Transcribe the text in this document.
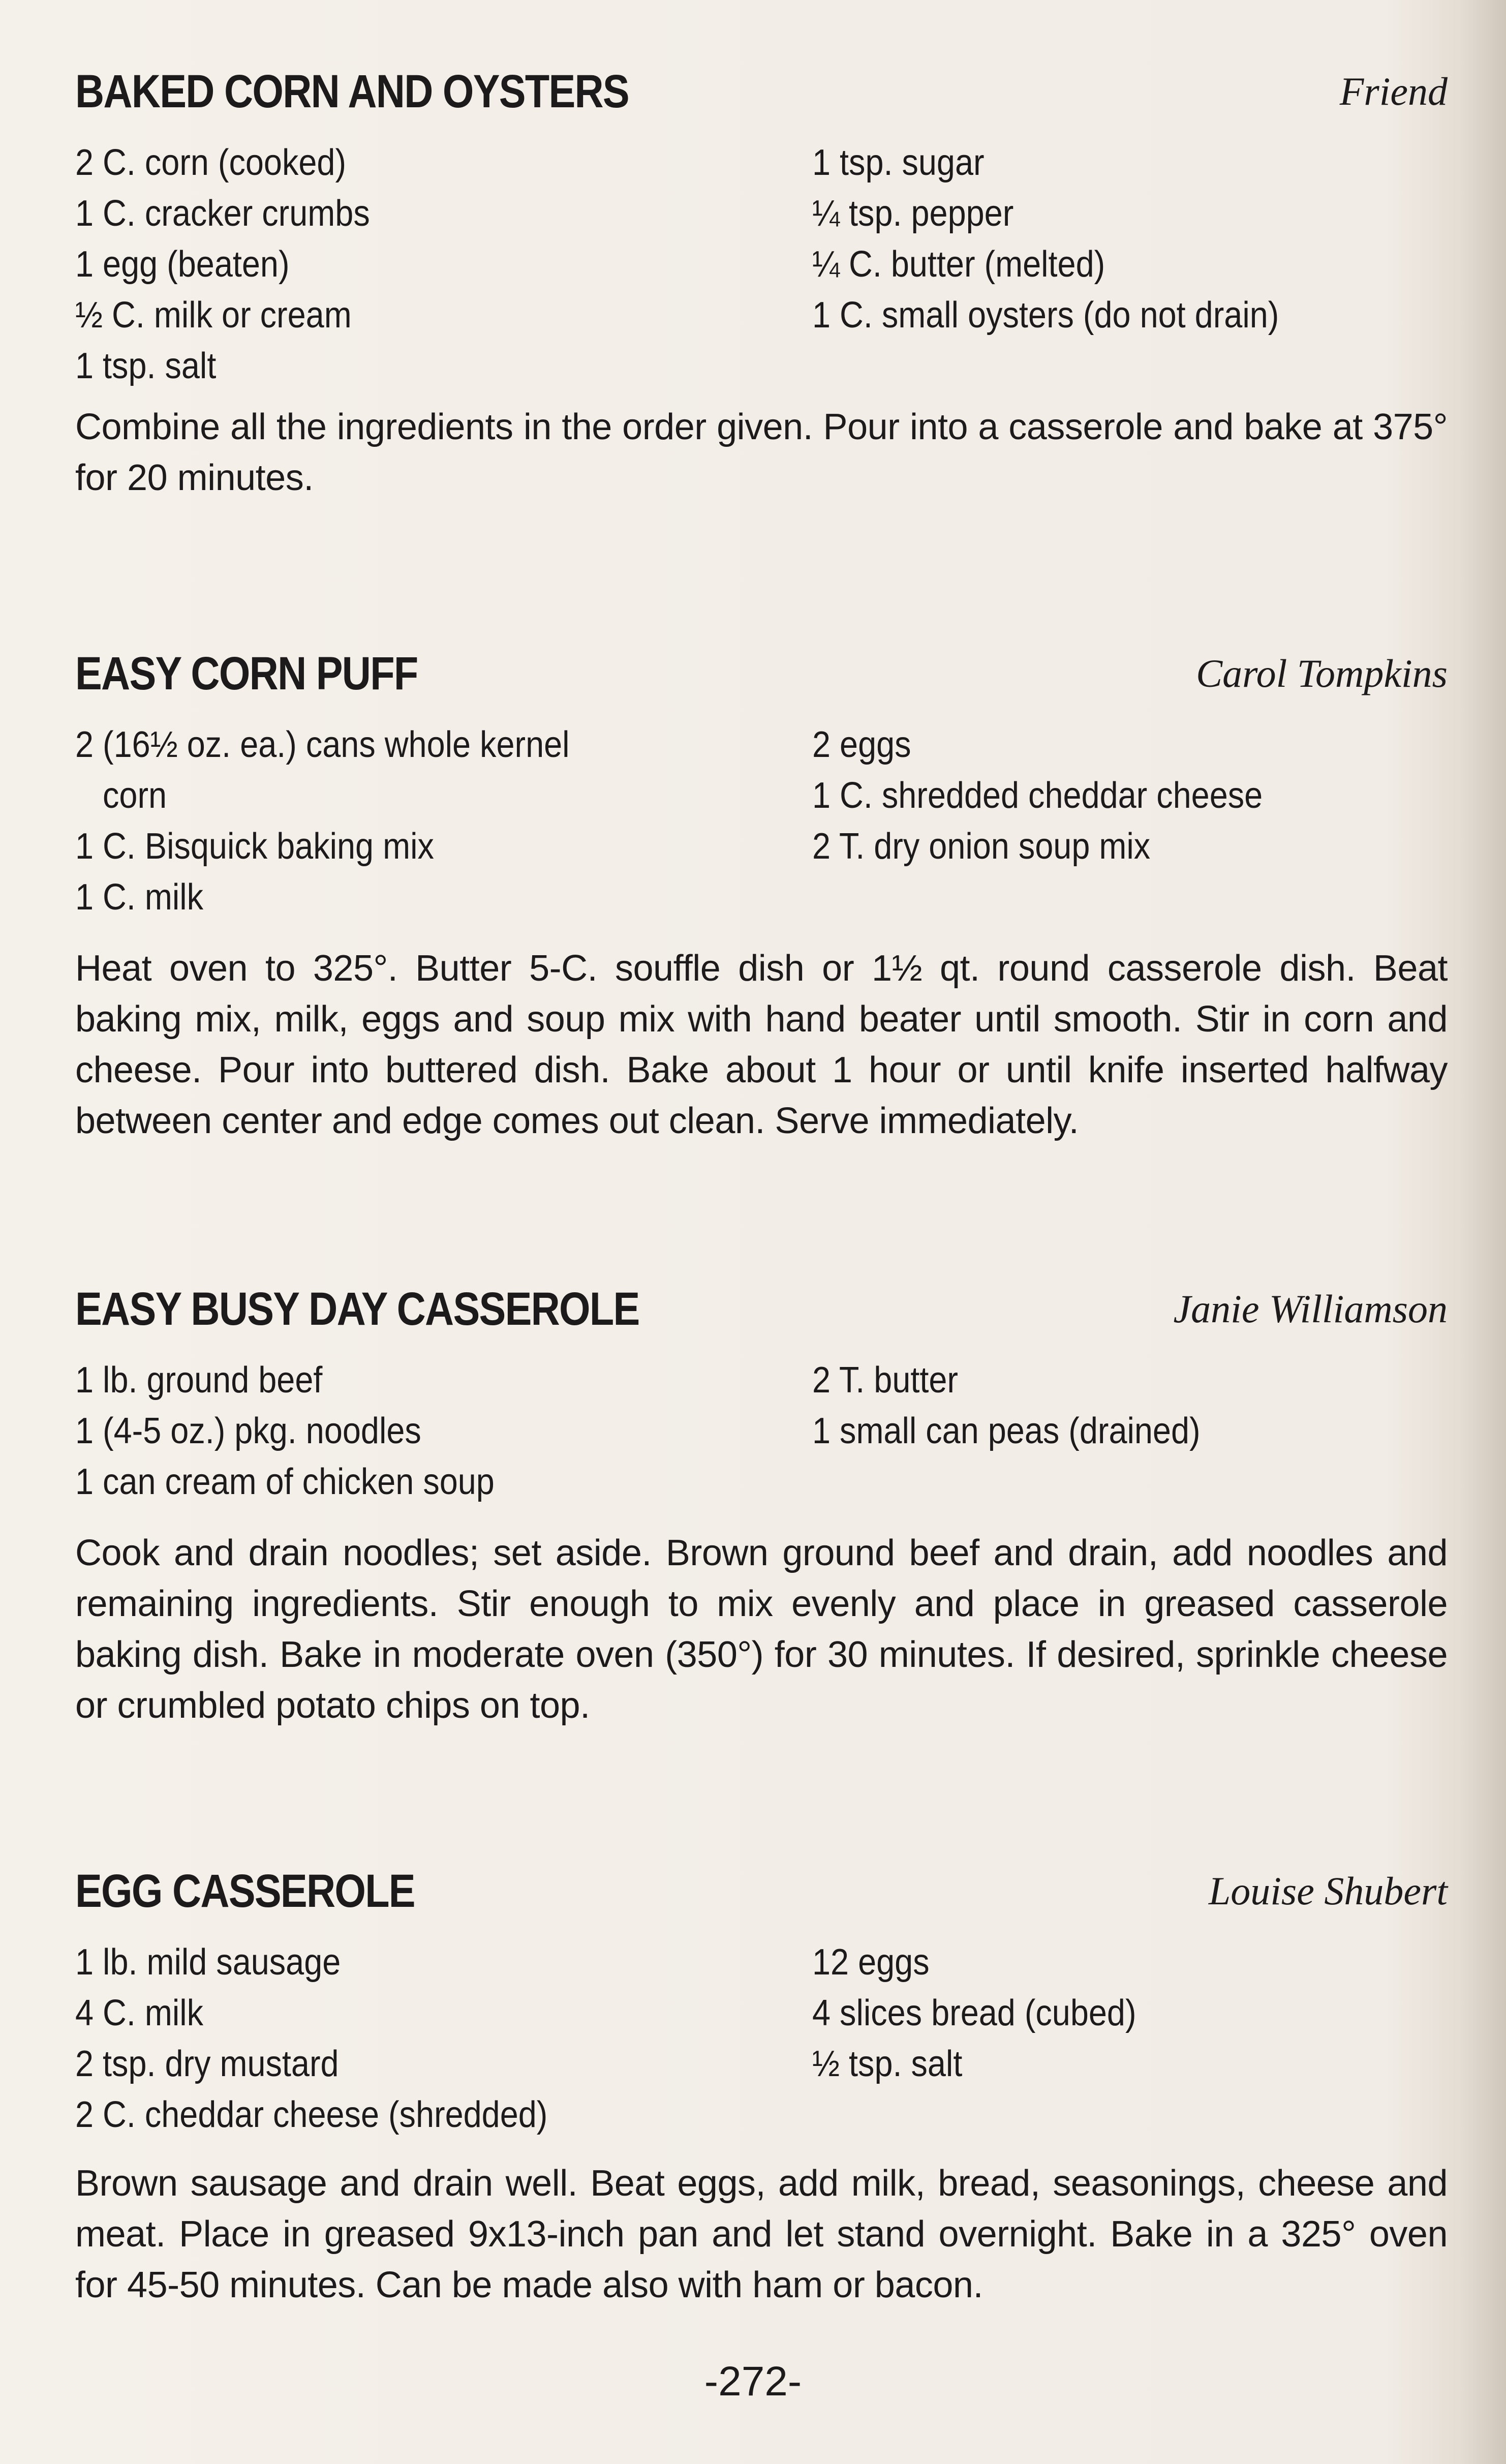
BAKED CORN AND OYSTERS	Friend
2 C. corn (cooked)
1 C. cracker crumbs
1 egg (beaten)
½ C. milk or cream
1 tsp. salt
1 tsp. sugar
¼ tsp. pepper
¼ C. butter (melted)
1 C. small oysters (do not drain)
Combine all the ingredients in the order given. Pour into a casserole and bake at 375° for 20 minutes.
EASY CORN PUFF	Carol Tompkins
2 (16½ oz. ea.) cans whole kernel
corn
1 C. Bisquick baking mix
1 C. milk
2 eggs
1 C. shredded cheddar cheese
2 T. dry onion soup mix
Heat oven to 325°. Butter 5-C. souffle dish or 1½ qt. round casserole dish. Beat baking mix, milk, eggs and soup mix with hand beater until smooth. Stir in corn and cheese. Pour into buttered dish. Bake about 1 hour or until knife inserted halfway between center and edge comes out clean. Serve immediately.
EASY BUSY DAY CASSEROLE	Janie Williamson
1 lb. ground beef
1 (4-5 oz.) pkg. noodles
1 can cream of chicken soup
2 T. butter
1 small can peas (drained)
Cook and drain noodles; set aside. Brown ground beef and drain, add noodles and remaining ingredients. Stir enough to mix evenly and place in greased casserole baking dish. Bake in moderate oven (350°) for 30 minutes. If desired, sprinkle cheese or crumbled potato chips on top.
EGG CASSEROLE	Louise Shubert
1 lb. mild sausage
4 C. milk
2 tsp. dry mustard
2 C. cheddar cheese (shredded)
12 eggs
4 slices bread (cubed)
½ tsp. salt
Brown sausage and drain well. Beat eggs, add milk, bread, seasonings, cheese and meat. Place in greased 9x13-inch pan and let stand overnight. Bake in a 325° oven for 45-50 minutes. Can be made also with ham or bacon.
-272-
